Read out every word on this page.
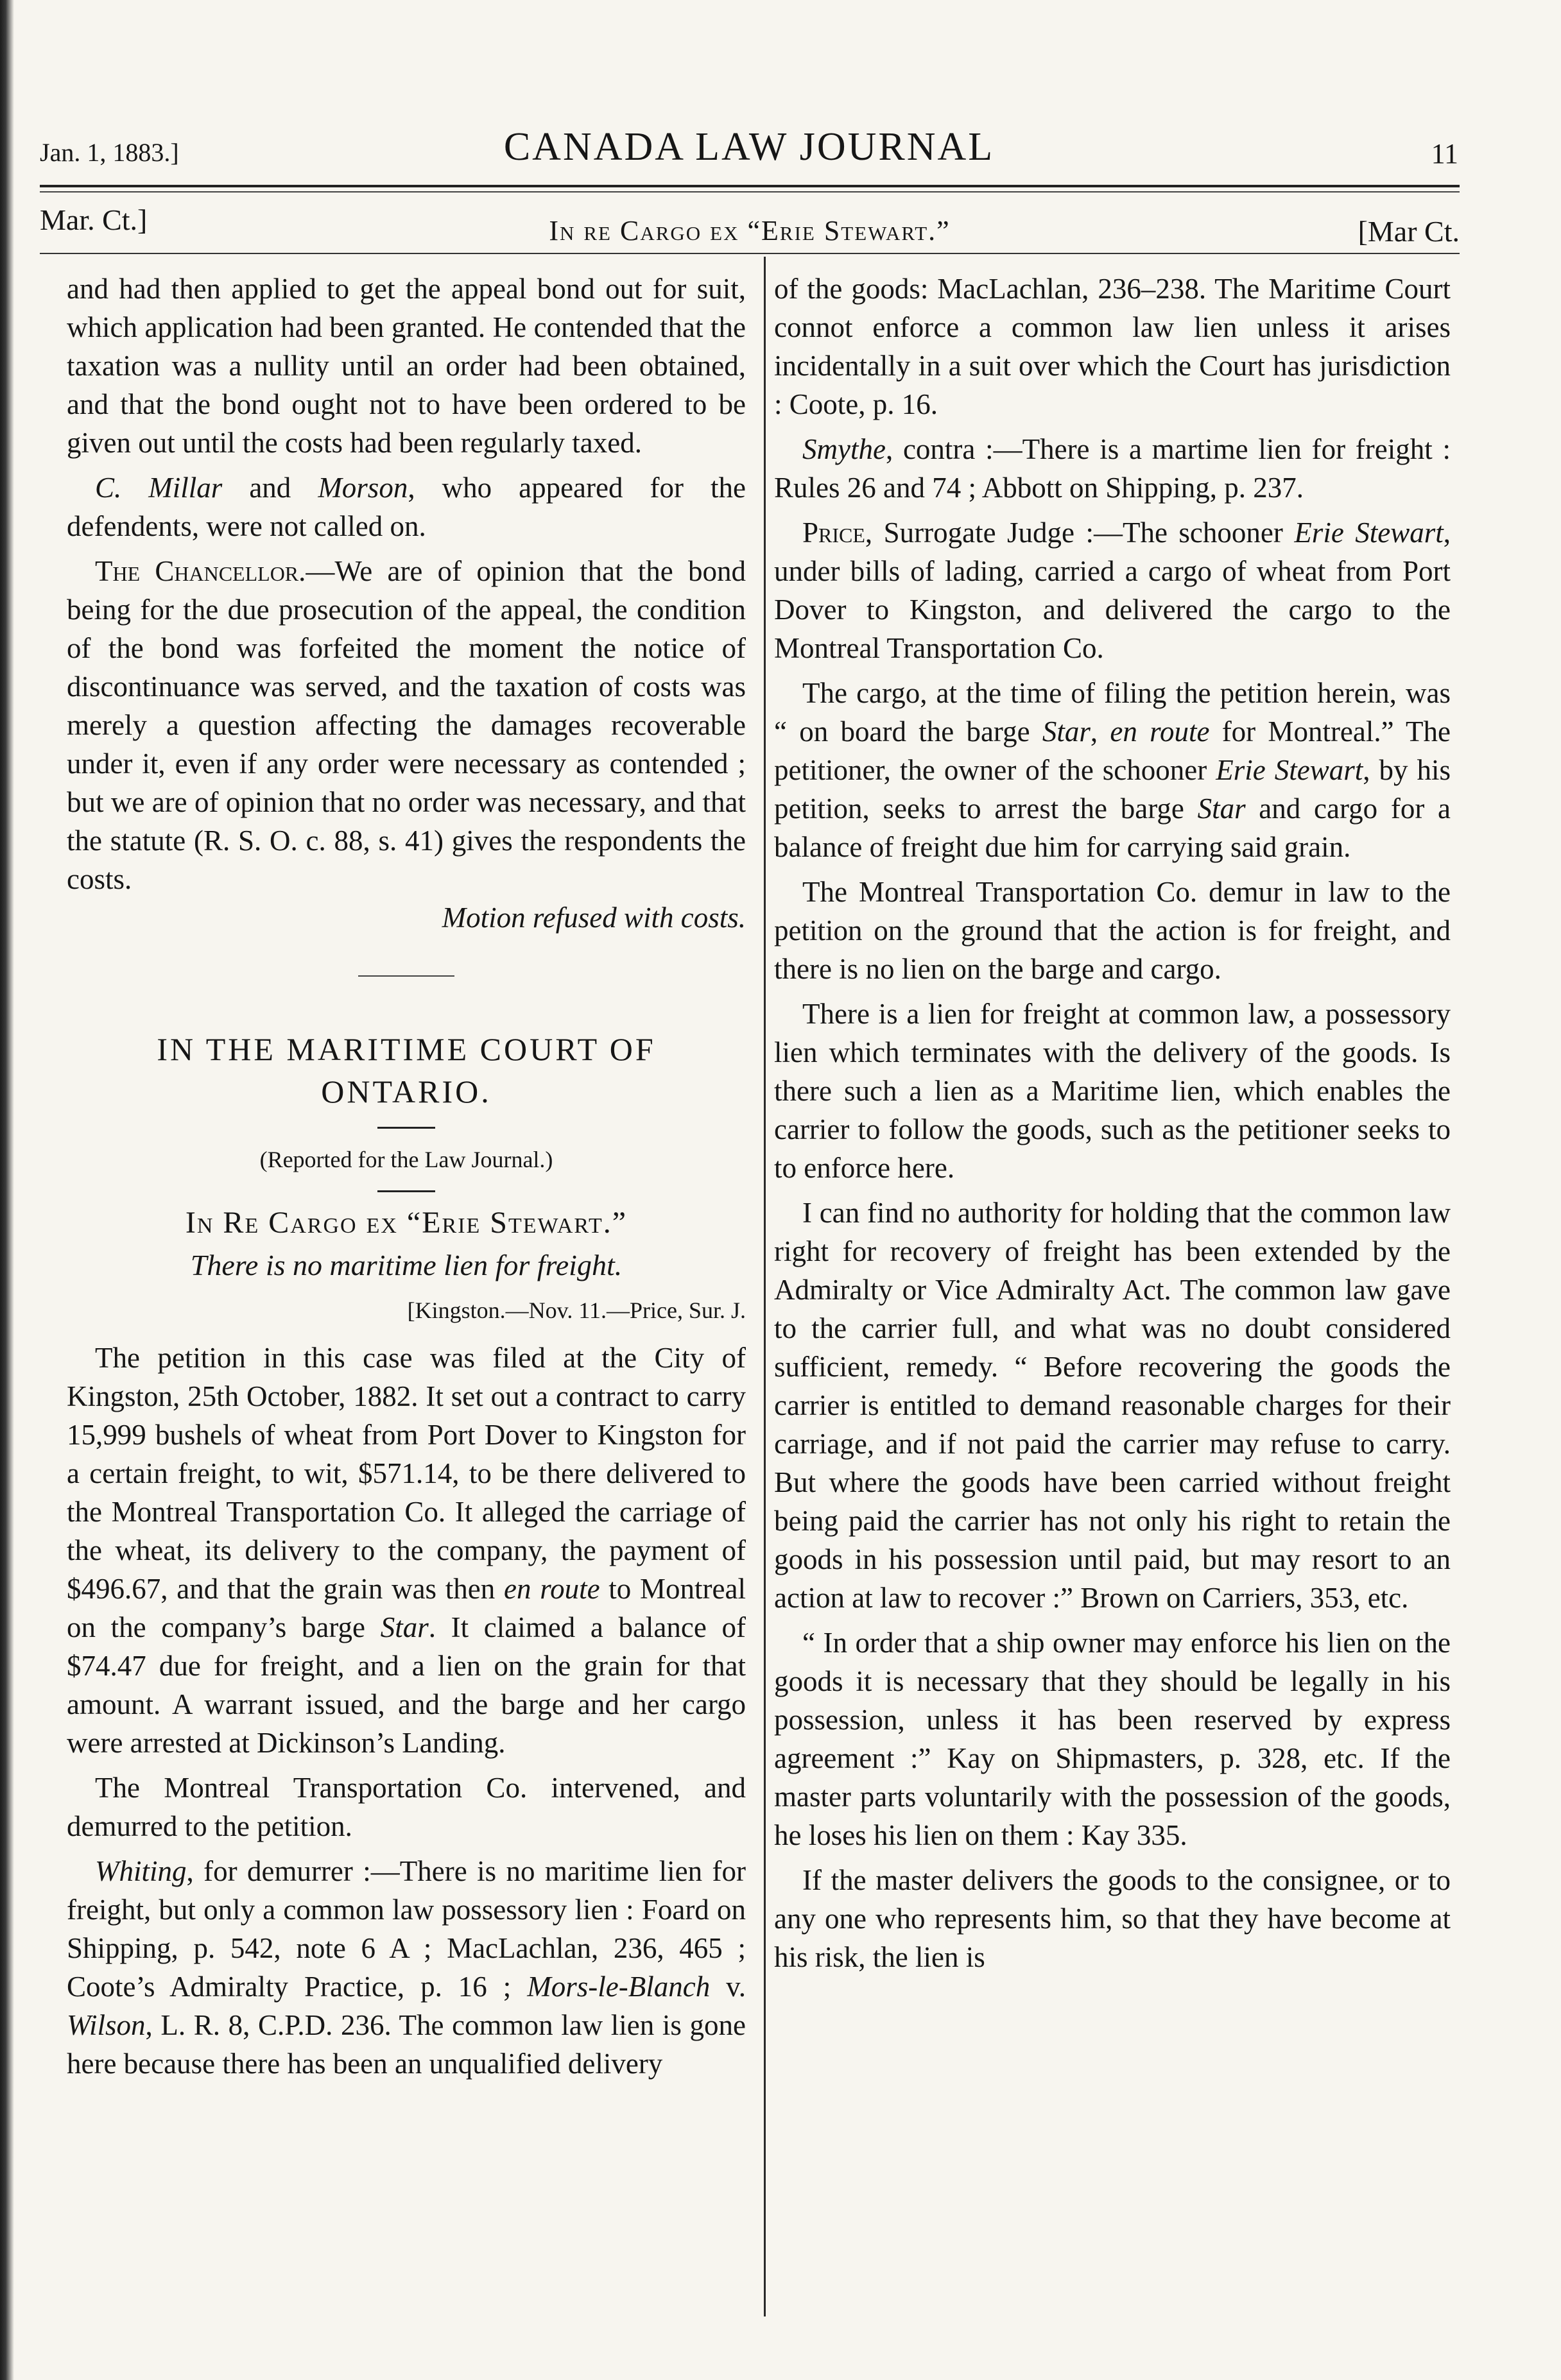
Jan. 1, 1883.]	CANADA LAW JOURNAL	11
Mar. Ct.]	In re Cargo ex “Erie Stewart.”	[Mar Ct.

and had then applied to get the appeal bond out for suit, which application had been granted. He contended that the taxation was a nullity until an order had been obtained, and that the bond ought not to have been ordered to be given out until the costs had been regularly taxed.

C. Millar and Morson, who appeared for the defendents, were not called on.

The Chancellor.—We are of opinion that the bond being for the due prosecution of the appeal, the condition of the bond was forfeited the moment the notice of discontinuance was served, and the taxation of costs was merely a question affecting the damages recoverable under it, even if any order were necessary as contended ; but we are of opinion that no order was necessary, and that the statute (R. S. O. c. 88, s. 41) gives the respondents the costs.
Motion refused with costs.

IN THE MARITIME COURT OF ONTARIO.
(Reported for the Law Journal.)
In Re Cargo ex “Erie Stewart.”
There is no maritime lien for freight.
[Kingston.—Nov. 11.—Price, Sur. J.

The petition in this case was filed at the City of Kingston, 25th October, 1882. It set out a contract to carry 15,999 bushels of wheat from Port Dover to Kingston for a certain freight, to wit, $571.14, to be there delivered to the Montreal Transportation Co. It alleged the carriage of the wheat, its delivery to the company, the payment of $496.67, and that the grain was then en route to Montreal on the company’s barge Star. It claimed a balance of $74.47 due for freight, and a lien on the grain for that amount. A warrant issued, and the barge and her cargo were arrested at Dickinson’s Landing.

The Montreal Transportation Co. intervened, and demurred to the petition.

Whiting, for demurrer :—There is no maritime lien for freight, but only a common law possessory lien : Foard on Shipping, p. 542, note 6 A ; MacLachlan, 236, 465 ; Coote’s Admiralty Practice, p. 16 ; Mors-le-Blanch v. Wilson, L. R. 8, C.P.D. 236. The common law lien is gone here because there has been an unqualified delivery

of the goods: MacLachlan, 236–238. The Maritime Court connot enforce a common law lien unless it arises incidentally in a suit over which the Court has jurisdiction : Coote, p. 16.

Smythe, contra :—There is a martime lien for freight : Rules 26 and 74 ; Abbott on Shipping, p. 237.

Price, Surrogate Judge :—The schooner Erie Stewart, under bills of lading, carried a cargo of wheat from Port Dover to Kingston, and delivered the cargo to the Montreal Transportation Co.

The cargo, at the time of filing the petition herein, was “ on board the barge Star, en route for Montreal.” The petitioner, the owner of the schooner Erie Stewart, by his petition, seeks to arrest the barge Star and cargo for a balance of freight due him for carrying said grain.

The Montreal Transportation Co. demur in law to the petition on the ground that the action is for freight, and there is no lien on the barge and cargo.

There is a lien for freight at common law, a possessory lien which terminates with the delivery of the goods. Is there such a lien as a Maritime lien, which enables the carrier to follow the goods, such as the petitioner seeks to to enforce here.

I can find no authority for holding that the common law right for recovery of freight has been extended by the Admiralty or Vice Admiralty Act. The common law gave to the carrier full, and what was no doubt considered sufficient, remedy. “ Before recovering the goods the carrier is entitled to demand reasonable charges for their carriage, and if not paid the carrier may refuse to carry. But where the goods have been carried without freight being paid the carrier has not only his right to retain the goods in his possession until paid, but may resort to an action at law to recover :” Brown on Carriers, 353, etc.

“ In order that a ship owner may enforce his lien on the goods it is necessary that they should be legally in his possession, unless it has been reserved by express agreement :” Kay on Shipmasters, p. 328, etc. If the master parts voluntarily with the possession of the goods, he loses his lien on them : Kay 335.

If the master delivers the goods to the consignee, or to any one who represents him, so that they have become at his risk, the lien is
